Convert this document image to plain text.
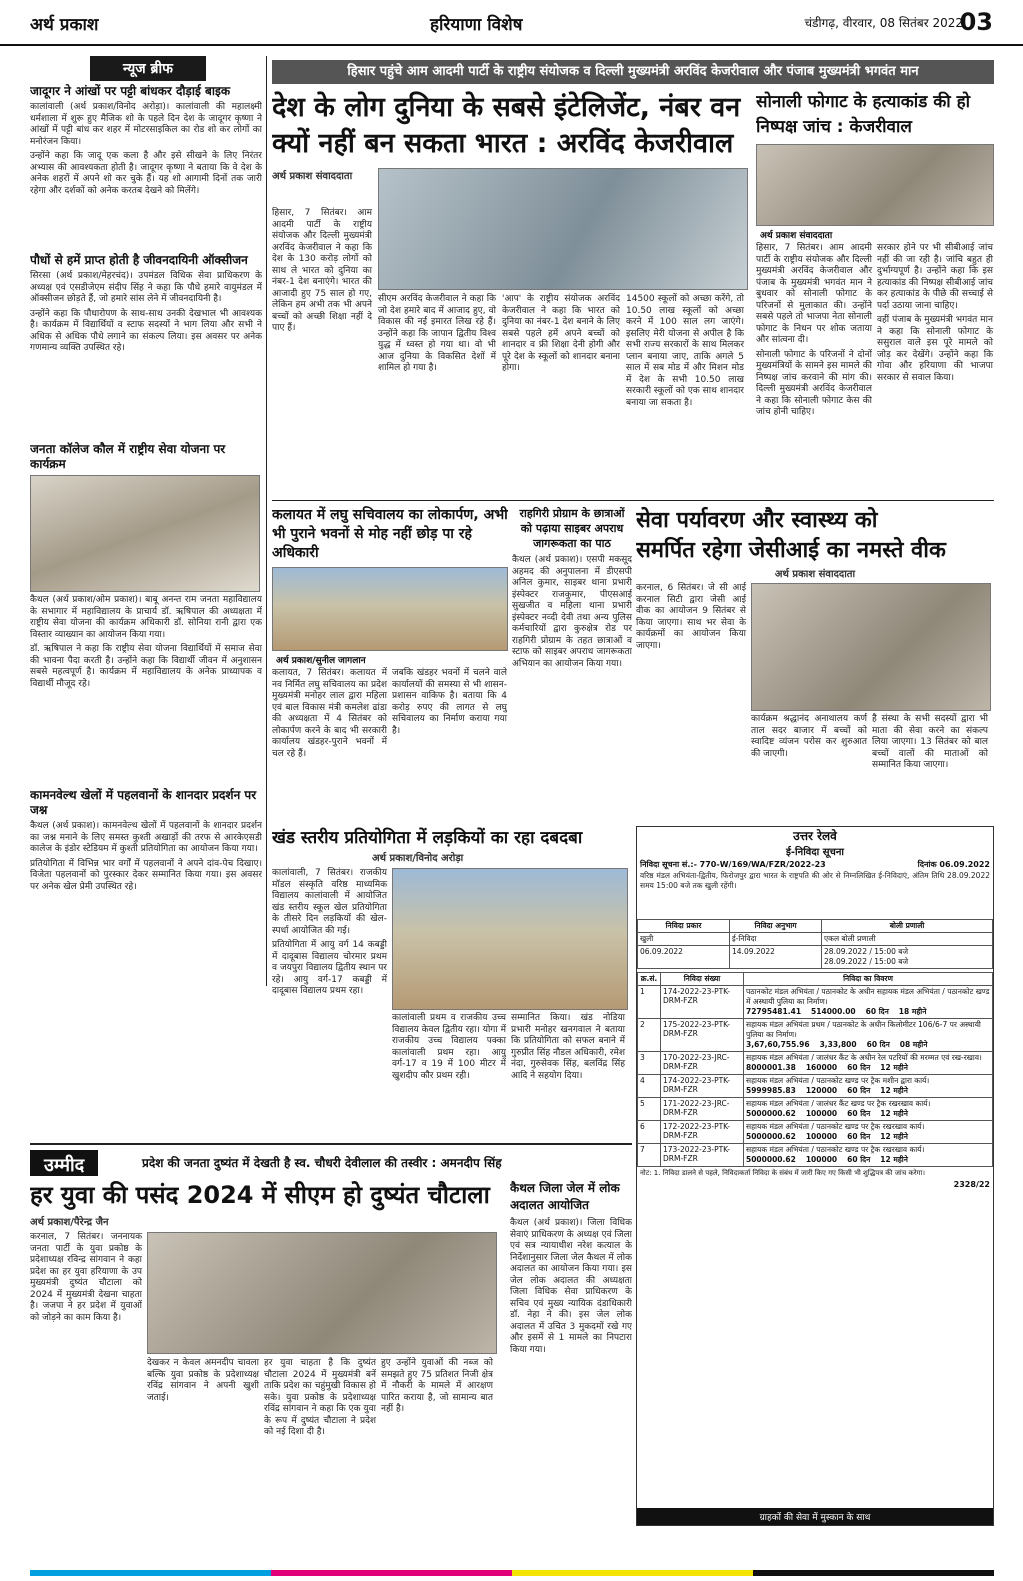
अर्थ प्रकाश	हरियाणा विशेष	चंडीगढ़, वीरवार, 08 सितंबर 2022
03
न्यूज ब्रीफ
जादूगर ने आंखों पर पट्टी बांधकर दौड़ाई बाइक

कालांवाली (अर्थ प्रकाश/विनोद अरोड़ा)। कालांवाली की महालक्ष्मी धर्मशाला में शुरू हुए मैजिक शो के पहले दिन देश के जादूगर कृष्णा ने आंखों में पट्टी बांध कर शहर में मोटरसाइकिल का रोड शो कर लोगों का मनोरंजन किया।

उन्होंने कहा कि जादू एक कला है और इसे सीखने के लिए निरंतर अभ्यास की आवश्यकता होती है। जादूगर कृष्णा ने बताया कि वे देश के अनेक शहरों में अपने शो कर चुके हैं। यह शो आगामी दिनों तक जारी रहेगा और दर्शकों को अनेक करतब देखने को मिलेंगे।

पौधों से हमें प्राप्त होती है जीवनदायिनी ऑक्सीजन

सिरसा (अर्थ प्रकाश/मेहरचंद)। उपमंडल विधिक सेवा प्राधिकरण के अध्यक्ष एवं एसडीजेएम संदीप सिंह ने कहा कि पौधे हमारे वायुमंडल में ऑक्सीजन छोड़ते हैं, जो हमारे सांस लेने में जीवनदायिनी है।

उन्होंने कहा कि पौधारोपण के साथ-साथ उनकी देखभाल भी आवश्यक है। कार्यक्रम में विद्यार्थियों व स्टाफ सदस्यों ने भाग लिया और सभी ने अधिक से अधिक पौधे लगाने का संकल्प लिया। इस अवसर पर अनेक गणमान्य व्यक्ति उपस्थित रहे।

जनता कॉलेज कौल में राष्ट्रीय सेवा योजना पर कार्यक्रम

कैथल (अर्थ प्रकाश/ओम प्रकाश)। बाबू अनन्त राम जनता महाविद्यालय के सभागार में महाविद्यालय के प्राचार्य डॉ. ऋषिपाल की अध्यक्षता में राष्ट्रीय सेवा योजना की कार्यक्रम अधिकारी डॉ. सोनिया रानी द्वारा एक विस्तार व्याख्यान का आयोजन किया गया।

डॉ. ऋषिपाल ने कहा कि राष्ट्रीय सेवा योजना विद्यार्थियों में समाज सेवा की भावना पैदा करती है। उन्होंने कहा कि विद्यार्थी जीवन में अनुशासन सबसे महत्वपूर्ण है। कार्यक्रम में महाविद्यालय के अनेक प्राध्यापक व विद्यार्थी मौजूद रहे।

कामनवेल्थ खेलों में पहलवानों के शानदार प्रदर्शन पर जश्न

कैथल (अर्थ प्रकाश)। कामनवेल्थ खेलों में पहलवानों के शानदार प्रदर्शन का जश्न मनाने के लिए समस्त कुश्ती अखाड़ों की तरफ से आरकेएसडी कालेज के इंडोर स्टेडियम में कुश्ती प्रतियोगिता का आयोजन किया गया।

प्रतियोगिता में विभिन्न भार वर्गों में पहलवानों ने अपने दांव-पेच दिखाए। विजेता पहलवानों को पुरस्कार देकर सम्मानित किया गया। इस अवसर पर अनेक खेल प्रेमी उपस्थित रहे।

हिसार पहुंचे आम आदमी पार्टी के राष्ट्रीय संयोजक व दिल्ली मुख्यमंत्री अरविंद केजरीवाल और पंजाब मुख्यमंत्री भगवंत मान
देश के लोग दुनिया के सबसे इंटेलिजेंट, नंबर वन
क्यों नहीं बन सकता भारत : अरविंद केजरीवाल
अर्थ प्रकाश संवाददाता
हिसार, 7 सितंबर। आम आदमी पार्टी के राष्ट्रीय संयोजक और दिल्ली मुख्यमंत्री अरविंद केजरीवाल ने कहा कि देश के 130 करोड़ लोगों को साथ ले भारत को दुनिया का नंबर-1 देश बनाएंगे। भारत की आजादी हुए 75 साल हो गए, लेकिन हम अभी तक भी अपने बच्चों को अच्छी शिक्षा नहीं दे पाए हैं।
सीएम अरविंद केजरीवाल ने कहा कि जो देश हमारे बाद में आजाद हुए, वो विकास की नई इमारत लिख रहे हैं। उन्होंने कहा कि जापान द्वितीय विश्व युद्ध में ध्वस्त हो गया था। वो भी आज दुनिया के विकसित देशों में शामिल हो गया है।
'आप' के राष्ट्रीय संयोजक अरविंद केजरीवाल ने कहा कि भारत को दुनिया का नंबर-1 देश बनाने के लिए सबसे पहले हमें अपने बच्चों को शानदार व फ्री शिक्षा देनी होगी और पूरे देश के स्कूलों को शानदार बनाना होगा।
14500 स्कूलों को अच्छा करेंगे, तो 10.50 लाख स्कूलों को अच्छा करने में 100 साल लग जाएंगे। इसलिए मेरी योजना से अपील है कि सभी राज्य सरकारों के साथ मिलकर प्लान बनाया जाए, ताकि अगले 5 साल में सब मोड में और मिशन मोड में देश के सभी 10.50 लाख सरकारी स्कूलों को एक साथ शानदार बनाया जा सकता है।
सोनाली फोगाट के हत्याकांड की हो निष्पक्ष जांच : केजरीवाल
अर्थ प्रकाश संवाददाता

हिसार, 7 सितंबर। आम आदमी पार्टी के राष्ट्रीय संयोजक और दिल्ली मुख्यमंत्री अरविंद केजरीवाल और पंजाब के मुख्यमंत्री भगवंत मान ने बुधवार को सोनाली फोगाट के परिजनों से मुलाकात की। उन्होंने सबसे पहले तो भाजपा नेता सोनाली फोगाट के निधन पर शोक जताया और सांत्वना दी।

सोनाली फोगाट के परिजनों ने दोनों मुख्यमंत्रियों के सामने इस मामले की निष्पक्ष जांच करवाने की मांग की। दिल्ली मुख्यमंत्री अरविंद केजरीवाल ने कहा कि सोनाली फोगाट केस की जांच होनी चाहिए।

सरकार होने पर भी सीबीआई जांच नहीं की जा रही है। जांचि बहुत ही दुर्भाग्यपूर्ण है। उन्होंने कहा कि इस हत्याकांड की निष्पक्ष सीबीआई जांच कर हत्याकांड के पीछे की सच्चाई से पर्दा उठाया जाना चाहिए।

वहीं पंजाब के मुख्यमंत्री भगवंत मान ने कहा कि सोनाली फोगाट के ससुराल वाले इस पूरे मामले को जोड़ कर देखेंगे। उन्होंने कहा कि गोवा और हरियाणा की भाजपा सरकार से सवाल किया।

कलायत में लघु सचिवालय का लोकार्पण, अभी भी पुराने भवनों से मोह नहीं छोड़ पा रहे अधिकारी
अर्थ प्रकाश/सुनील जागलान
कलायत, 7 सितंबर। कलायत में नव निर्मित लघु सचिवालय का प्रदेश मुख्यमंत्री मनोहर लाल द्वारा महिला एवं बाल विकास मंत्री कमलेश ढांडा की अध्यक्षता में 4 सितंबर को लोकार्पण करने के बाद भी सरकारी कार्यालय खंडहर-पुराने भवनों में चल रहे हैं।
जबकि खंडहर भवनों में चलने वाले कार्यालयों की समस्या से भी शासन-प्रशासन वाकिफ है। बताया कि 4 करोड़ रुपए की लागत से लघु सचिवालय का निर्माण कराया गया है।
राहगिरी प्रोग्राम के छात्राओं को पढ़ाया साइबर अपराध जागरूकता का पाठ
कैथल (अर्थ प्रकाश)। एसपी मकसूद अहमद की अनुपालना में डीएसपी अनिल कुमार, साइबर थाना प्रभारी इंस्पेक्टर राजकुमार, पीएसआई सुखजीत व महिला थाना प्रभारी इंस्पेक्टर नव्दी देवी तथा अन्य पुलिस कर्मचारियों द्वारा कुरुक्षेत्र रोड पर राहगिरी प्रोग्राम के तहत छात्राओं व स्टाफ को साइबर अपराध जागरूकता अभियान का आयोजन किया गया।
सेवा पर्यावरण और स्वास्थ्य को
समर्पित रहेगा जेसीआई का नमस्ते वीक
अर्थ प्रकाश संवाददाता
करनाल, 6 सितंबर। जे सी आई करनाल सिटी द्वारा जेसी आई वीक का आयोजन 9 सितंबर से किया जाएगा। साथ भर सेवा के कार्यक्रमों का आयोजन किया जाएगा।
कार्यक्रम श्रद्धानंद अनाथालय कर्ण ताल सदर बाजार में बच्चों को स्वादिष्ट व्यंजन परोस कर शुरुआत की जाएगी।
है संस्था के सभी सदस्यों द्वारा भी माता की सेवा करने का संकल्प लिया जाएगा। 13 सितंबर को बाल बच्चों वालों की माताओं को सम्मानित किया जाएगा।
खंड स्तरीय प्रतियोगिता में लड़कियों का रहा दबदबा
अर्थ प्रकाश/विनोद अरोड़ा

कालांवाली, 7 सितंबर। राजकीय मॉडल संस्कृति वरिष्ठ माध्यमिक विद्यालय कालांवाली में आयोजित खंड स्तरीय स्कूल खेल प्रतियोगिता के तीसरे दिन लड़कियों की खेल-स्पर्धा आयोजित की गई।

प्रतियोगिता में आयु वर्ग 14 कबड्डी में दादूबास विद्यालय चोरमार प्रथम व जयपुरा विद्यालय द्वितीय स्थान पर रहे। आयु वर्ग-17 कबड्डी में दादूबास विद्यालय प्रथम रहा।

कालांवाली प्रथम व राजकीय उच्च विद्यालय केवल द्वितीय रहा। योगा में राजकीय उच्च विद्यालय पक्का कालांवाली प्रथम रहा। आयु वर्ग-17 व 19 में 100 मीटर में खुशदीप कौर प्रथम रही।
सम्मानित किया। खंड नोडिया प्रभारी मनोहर खनगवाल ने बताया कि प्रतियोगिता को सफल बनाने में गुरुप्रीत सिंह नौडल अधिकारी, रमेश नंदा, गुरुसेवक सिंह, बलविंद्र सिंह आदि ने सहयोग दिया।
उत्तर रेलवे
ई-निविदा सूचना
निविदा सूचना सं.:- 770-W/169/WA/FZR/2022-23	दिनांक 06.09.2022
वरिष्ठ मंडल अभियंता-द्वितीय, फिरोजपुर द्वारा भारत के राष्ट्रपति की ओर से निम्नलिखित ई-निविदाएं, अंतिम तिथि 28.09.2022 समय 15:00 बजे तक खुली रहेंगी।
निविदा प्रकार	निविदा अनुभाग	बोली प्रणाली
खुली	ई-निविदा	एकल बोली प्रणाली
06.09.2022	14.09.2022	28.09.2022 / 15:00 बजे
28.09.2022 / 15:00 बजे
क्र.सं.	निविदा संख्या	निविदा का विवरण
1	174-2022-23-PTK-DRM-FZR	पठानकोट मंडल अभियंता / पठानकोट के अधीन सहायक मंडल अभियंता / पठानकोट खण्ड में अस्थायी पुलिया का निर्माण।
72795481.41 514000.00 60 दिन 18 महीने

2	175-2022-23-PTK-DRM-FZR	सहायक मंडल अभियंता प्रथम / पठानकोट के अधीन किलोमीटर 106/6-7 पर अस्थायी पुलिया का निर्माण।
3,67,60,755.96 3,33,800 60 दिन 08 महीने

3	170-2022-23-JRC-DRM-FZR	सहायक मंडल अभियंता / जालंधर कैंट के अधीन रेल पटरियों की मरम्मत एवं रख-रखाव।
8000001.38 160000 60 दिन 12 महीने

4	174-2022-23-PTK-DRM-FZR	सहायक मंडल अभियंता / पठानकोट खण्ड पर ट्रैक मशीन द्वारा कार्य।
5999985.83 120000 60 दिन 12 महीने

5	171-2022-23-JRC-DRM-FZR	सहायक मंडल अभियंता / जालंधर कैंट खण्ड पर ट्रैक रखरखाव कार्य।
5000000.62 100000 60 दिन 12 महीने

6	172-2022-23-PTK-DRM-FZR	सहायक मंडल अभियंता / पठानकोट खण्ड पर ट्रैक रखरखाव कार्य।
5000000.62 100000 60 दिन 12 महीने

7	173-2022-23-PTK-DRM-FZR	सहायक मंडल अभियंता / पठानकोट खण्ड पर ट्रैक रखरखाव कार्य।
5000000.62 100000 60 दिन 12 महीने
नोट: 1. निविदा डालने से पहले, निविदाकर्ता निविदा के संबंध में जारी किए गए किसी भी शुद्धिपत्र की जांच करेगा।
2328/22
ग्राहकों की सेवा में मुस्कान के साथ
उम्मीद	प्रदेश की जनता दुष्यंत में देखती है स्व. चौधरी देवीलाल की तस्वीर : अमनदीप सिंह
हर युवा की पसंद 2024 में सीएम हो दुष्यंत चौटाला
अर्थ प्रकाश/पैरेन्द्र जैन
करनाल, 7 सितंबर। जननायक जनता पार्टी के युवा प्रकोष्ठ के प्रदेशाध्यक्ष रविन्द्र सांगवान ने कहा प्रदेश का हर युवा हरियाणा के उप मुख्यमंत्री दुष्यंत चौटाला को 2024 में मुख्यमंत्री देखना चाहता है। जजपा ने हर प्रदेश में युवाओं को जोड़ने का काम किया है।
देखकर न केवल अमनदीप चावला बल्कि युवा प्रकोष्ठ के प्रदेशाध्यक्ष रविंद्र सांगवान ने अपनी खुशी जताई।
हर युवा चाहता है कि दुष्यंत चौटाला 2024 में मुख्यमंत्री बनें ताकि प्रदेश का चहुंमुखी विकास हो सके। युवा प्रकोष्ठ के प्रदेशाध्यक्ष रविंद्र सांगवान ने कहा कि एक युवा के रूप में दुष्यंत चौटाला ने प्रदेश को नई दिशा दी है।
हुए उन्होंने युवाओं की नब्ज को समझते हुए 75 प्रतिशत निजी क्षेत्र में नौकरी के मामले में आरक्षण पारित कराया है, जो सामान्य बात नहीं है।
कैथल जिला जेल में लोक अदालत आयोजित
कैथल (अर्थ प्रकाश)। जिला विधिक सेवाएं प्राधिकरण के अध्यक्ष एवं जिला एवं सत्र न्यायाधीश नरेश कत्याल के निर्देशानुसार जिला जेल कैथल में लोक अदालत का आयोजन किया गया। इस जेल लोक अदालत की अध्यक्षता जिला विधिक सेवा प्राधिकरण के सचिव एवं मुख्य न्यायिक दंडाधिकारी डॉ. नेहा ने की। इस जेल लोक अदालत में उचित 3 मुकदमों रखे गए और इसमें से 1 मामले का निपटारा किया गया।
